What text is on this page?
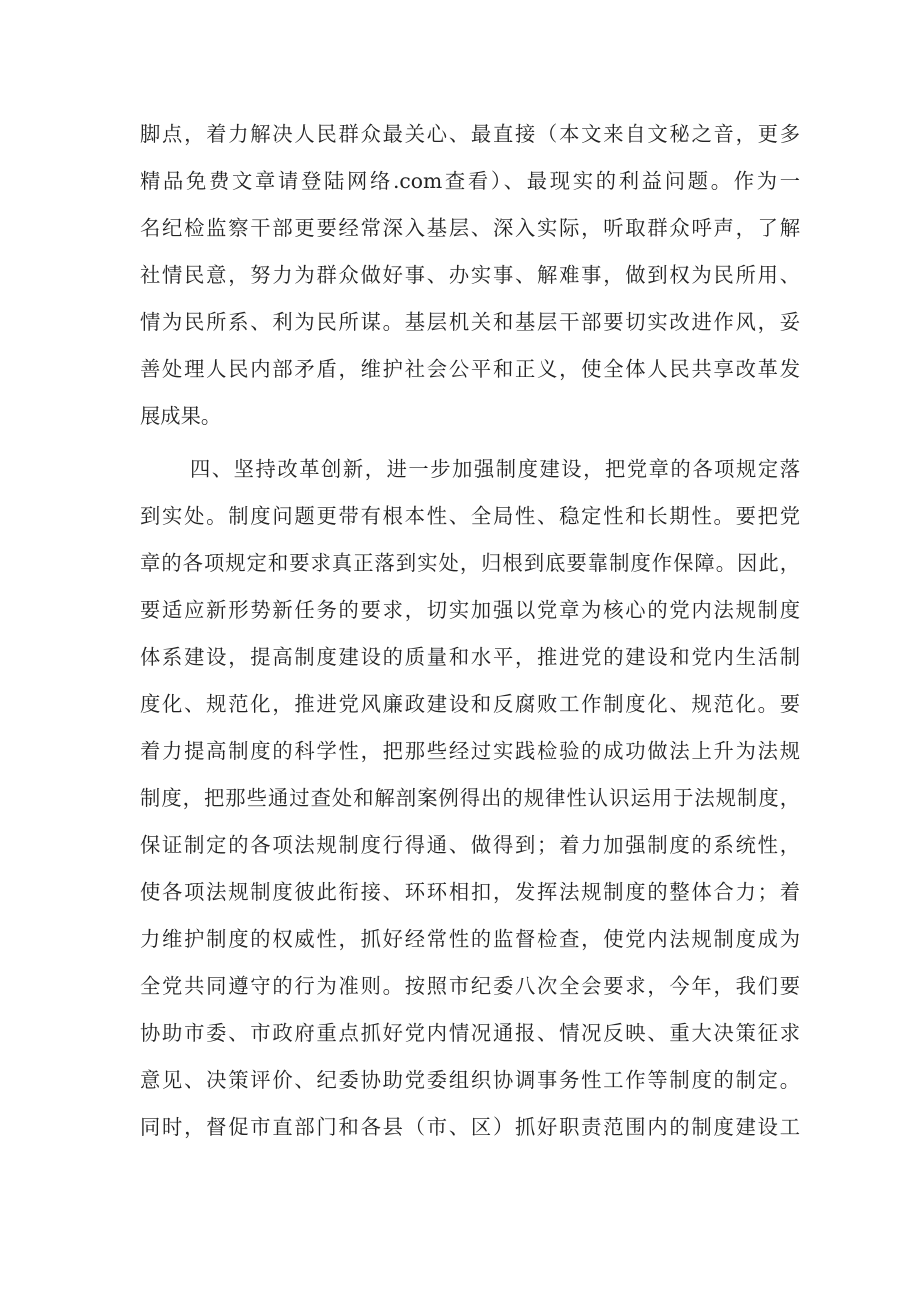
脚点，着力解决人民群众最关心、最直接（本文来自文秘之音，更多
精品免费文章请登陆网络.com查看）、最现实的利益问题。作为一
名纪检监察干部更要经常深入基层、深入实际，听取群众呼声，了解
社情民意，努力为群众做好事、办实事、解难事，做到权为民所用、
情为民所系、利为民所谋。基层机关和基层干部要切实改进作风，妥
善处理人民内部矛盾，维护社会公平和正义，使全体人民共享改革发
展成果。
四、坚持改革创新，进一步加强制度建设，把党章的各项规定落
到实处。制度问题更带有根本性、全局性、稳定性和长期性。要把党
章的各项规定和要求真正落到实处，归根到底要靠制度作保障。因此，
要适应新形势新任务的要求，切实加强以党章为核心的党内法规制度
体系建设，提高制度建设的质量和水平，推进党的建设和党内生活制
度化、规范化，推进党风廉政建设和反腐败工作制度化、规范化。要
着力提高制度的科学性，把那些经过实践检验的成功做法上升为法规
制度，把那些通过查处和解剖案例得出的规律性认识运用于法规制度，
保证制定的各项法规制度行得通、做得到；着力加强制度的系统性，
使各项法规制度彼此衔接、环环相扣，发挥法规制度的整体合力；着
力维护制度的权威性，抓好经常性的监督检查，使党内法规制度成为
全党共同遵守的行为准则。按照市纪委八次全会要求，今年，我们要
协助市委、市政府重点抓好党内情况通报、情况反映、重大决策征求
意见、决策评价、纪委协助党委组织协调事务性工作等制度的制定。
同时，督促市直部门和各县（市、区）抓好职责范围内的制度建设工
